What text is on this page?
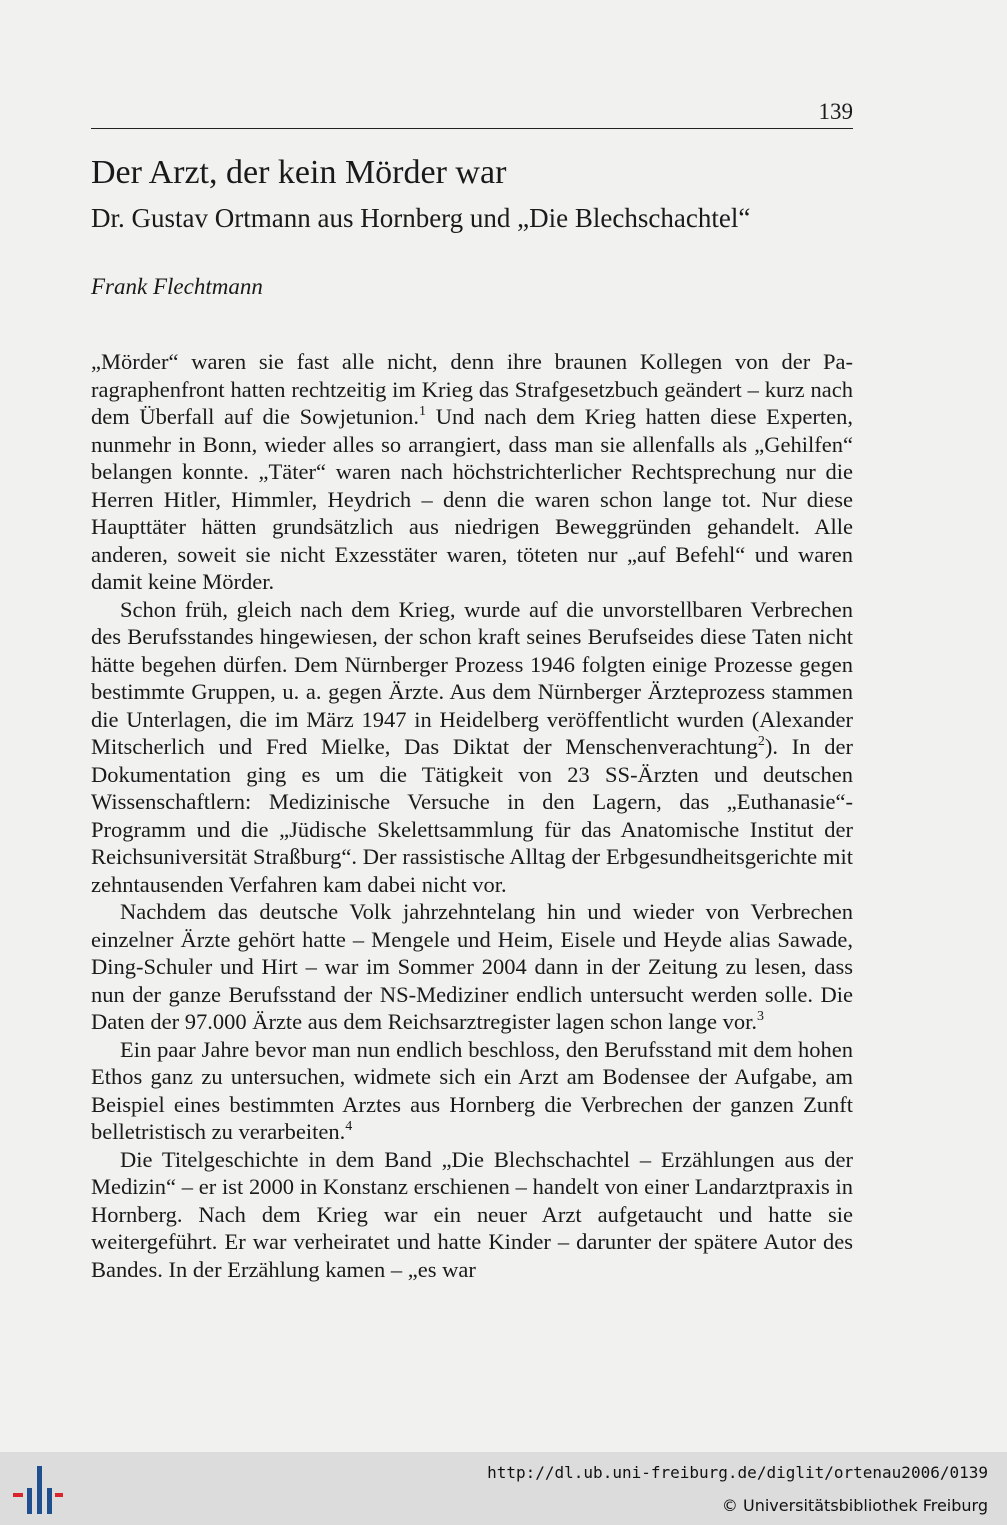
139
Der Arzt, der kein Mörder war
Dr. Gustav Ortmann aus Hornberg und „Die Blechschachtel“
Frank Flechtmann

„Mörder“ waren sie fast alle nicht, denn ihre braunen Kollegen von der Paragraphenfront hatten rechtzeitig im Krieg das Strafgesetzbuch geändert – kurz nach dem Überfall auf die Sowjetunion.$^1$ Und nach dem Krieg hatten diese Experten, nunmehr in Bonn, wieder alles so arrangiert, dass man sie allenfalls als „Gehilfen“ belangen konnte. „Täter“ waren nach höchstrichterlicher Rechtsprechung nur die Herren Hitler, Himmler, Heydrich – denn die waren schon lange tot. Nur diese Haupttäter hätten grundsätzlich aus niedrigen Beweggründen gehandelt. Alle anderen, soweit sie nicht Exzesstäter waren, töteten nur „auf Befehl“ und waren damit keine Mörder.

Schon früh, gleich nach dem Krieg, wurde auf die unvorstellbaren Verbrechen des Berufsstandes hingewiesen, der schon kraft seines Berufseides diese Taten nicht hätte begehen dürfen. Dem Nürnberger Prozess 1946 folgten einige Prozesse gegen bestimmte Gruppen, u. a. gegen Ärzte. Aus dem Nürnberger Ärzteprozess stammen die Unterlagen, die im März 1947 in Heidelberg veröffentlicht wurden (Alexander Mitscherlich und Fred Mielke, Das Diktat der Menschenverachtung$^2$). In der Dokumentation ging es um die Tätigkeit von 23 SS-Ärzten und deutschen Wissenschaftlern: Medizinische Versuche in den Lagern, das „Euthanasie“-Programm und die „Jüdische Skelettsammlung für das Anatomische Institut der Reichsuniversität Straßburg“. Der rassistische Alltag der Erbgesundheitsgerichte mit zehntausenden Verfahren kam dabei nicht vor.

Nachdem das deutsche Volk jahrzehntelang hin und wieder von Verbrechen einzelner Ärzte gehört hatte – Mengele und Heim, Eisele und Heyde alias Sawade, Ding-Schuler und Hirt – war im Sommer 2004 dann in der Zeitung zu lesen, dass nun der ganze Berufsstand der NS-Mediziner endlich untersucht werden solle. Die Daten der 97.000 Ärzte aus dem Reichsarztregister lagen schon lange vor.$^3$

Ein paar Jahre bevor man nun endlich beschloss, den Berufsstand mit dem hohen Ethos ganz zu untersuchen, widmete sich ein Arzt am Bodensee der Aufgabe, am Beispiel eines bestimmten Arztes aus Hornberg die Verbrechen der ganzen Zunft belletristisch zu verarbeiten.$^4$

Die Titelgeschichte in dem Band „Die Blechschachtel – Erzählungen aus der Medizin“ – er ist 2000 in Konstanz erschienen – handelt von einer Landarztpraxis in Hornberg. Nach dem Krieg war ein neuer Arzt aufgetaucht und hatte sie weitergeführt. Er war verheiratet und hatte Kinder – darunter der spätere Autor des Bandes. In der Erzählung kamen – „es war

http://dl.ub.uni-freiburg.de/diglit/ortenau2006/0139
© Universitätsbibliothek Freiburg
